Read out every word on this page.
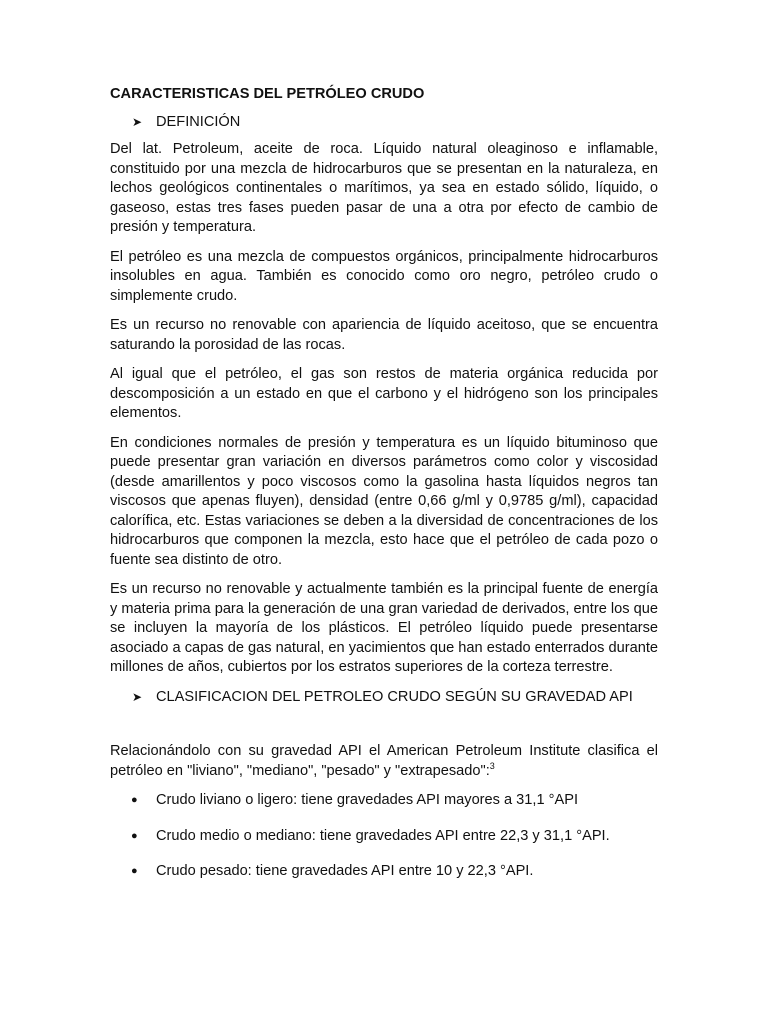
CARACTERISTICAS DEL PETRÓLEO CRUDO
➤ DEFINICIÓN

Del lat. Petroleum, aceite de roca. Líquido natural oleaginoso e inflamable, constituido por una mezcla de hidrocarburos que se presentan en la naturaleza, en lechos geológicos continentales o marítimos, ya sea en estado sólido, líquido, o gaseoso, estas tres fases pueden pasar de una a otra por efecto de cambio de presión y temperatura.

El petróleo es una mezcla de compuestos orgánicos, principalmente hidrocarburos insolubles en agua. También es conocido como oro negro, petróleo crudo o simplemente crudo.

Es un recurso no renovable con apariencia de líquido aceitoso, que se encuentra saturando la porosidad de las rocas.

Al igual que el petróleo, el gas son restos de materia orgánica reducida por descomposición a un estado en que el carbono y el hidrógeno son los principales elementos.

En condiciones normales de presión y temperatura es un líquido bituminoso que puede presentar gran variación en diversos parámetros como color y viscosidad (desde amarillentos y poco viscosos como la gasolina hasta líquidos negros tan viscosos que apenas fluyen), densidad (entre 0,66 g/ml y 0,9785 g/ml), capacidad calorífica, etc. Estas variaciones se deben a la diversidad de concentraciones de los hidrocarburos que componen la mezcla, esto hace que el petróleo de cada pozo o fuente sea distinto de otro.

Es un recurso no renovable y actualmente también es la principal fuente de energía y materia prima para la generación de una gran variedad de derivados, entre los que se incluyen la mayoría de los plásticos. El petróleo líquido puede presentarse asociado a capas de gas natural, en yacimientos que han estado enterrados durante millones de años, cubiertos por los estratos superiores de la corteza terrestre.

➤ CLASIFICACION DEL PETROLEO CRUDO SEGÚN SU GRAVEDAD API

Relacionándolo con su gravedad API el American Petroleum Institute clasifica el petróleo en "liviano", "mediano", "pesado" y "extrapesado":$^3$

●	Crudo liviano o ligero: tiene gravedades API mayores a 31,1 °API
●	Crudo medio o mediano: tiene gravedades API entre 22,3 y 31,1 °API.
●	Crudo pesado: tiene gravedades API entre 10 y 22,3 °API.
